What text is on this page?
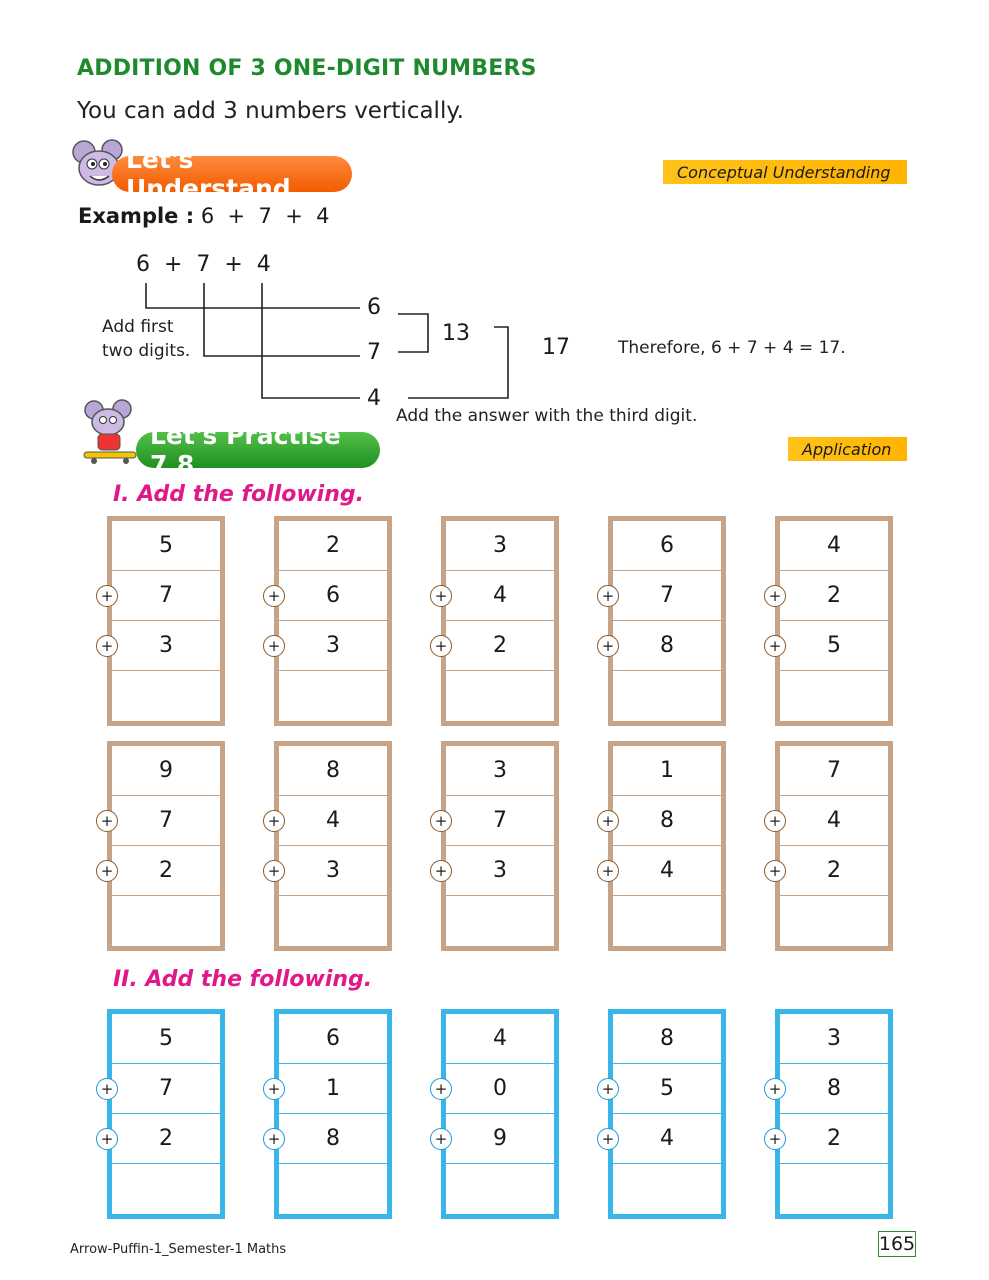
ADDITION OF 3 ONE-DIGIT NUMBERS
You can add 3 numbers vertically.
Let's Understand
Conceptual Understanding
Example : 6  +  7  +  4
6  +  7  +  4
6
7
4
13
17
Add first
two digits.
Add the answer with the third digit.
Therefore, 6 + 7 + 4 = 17.
Let's Practise 7.8
Application
I. Add the following.
5
7
3
+
+
2
6
3
+
+
3
4
2
+
+
6
7
8
+
+
4
2
5
+
+
9
7
2
+
+
8
4
3
+
+
3
7
3
+
+
1
8
4
+
+
7
4
2
+
+
II. Add the following.
5
7
2
+
+
6
1
8
+
+
4
0
9
+
+
8
5
4
+
+
3
8
2
+
+
Arrow-Puffin-1_Semester-1 Maths	165
